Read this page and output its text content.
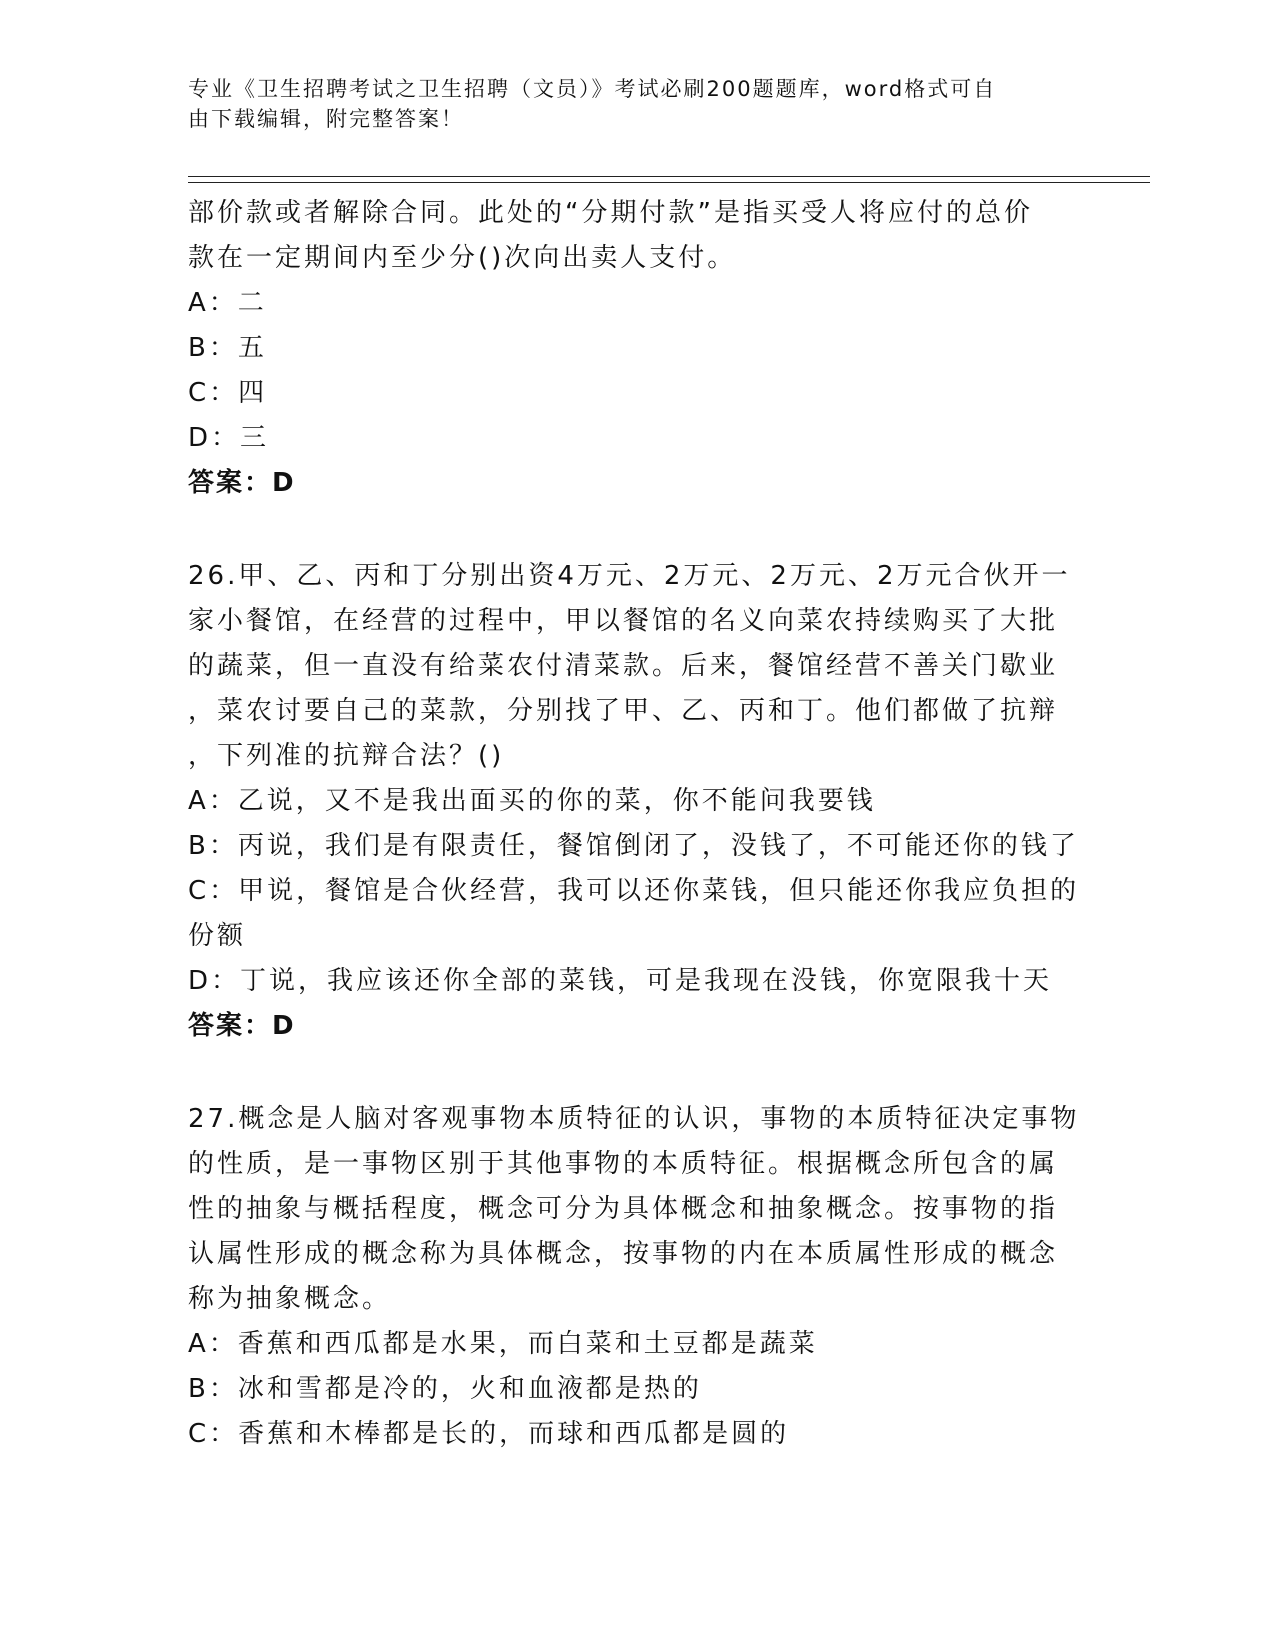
专业《卫生招聘考试之卫生招聘（文员）》考试必刷200题题库，word格式可自
由下载编辑，附完整答案！
部价款或者解除合同。此处的“分期付款”是指买受人将应付的总价
款在一定期间内至少分()次向出卖人支付。
A：二
B：五
C：四
D：三
答案：D
26.甲、乙、丙和丁分别出资4万元、2万元、2万元、2万元合伙开一
家小餐馆，在经营的过程中，甲以餐馆的名义向菜农持续购买了大批
的蔬菜，但一直没有给菜农付清菜款。后来，餐馆经营不善关门歇业
，菜农讨要自己的菜款，分别找了甲、乙、丙和丁。他们都做了抗辩
，下列准的抗辩合法？()
A：乙说，又不是我出面买的你的菜，你不能问我要钱
B：丙说，我们是有限责任，餐馆倒闭了，没钱了，不可能还你的钱了
C：甲说，餐馆是合伙经营，我可以还你菜钱，但只能还你我应负担的
份额
D：丁说，我应该还你全部的菜钱，可是我现在没钱，你宽限我十天
答案：D
27.概念是人脑对客观事物本质特征的认识，事物的本质特征决定事物
的性质，是一事物区别于其他事物的本质特征。根据概念所包含的属
性的抽象与概括程度，概念可分为具体概念和抽象概念。按事物的指
认属性形成的概念称为具体概念，按事物的内在本质属性形成的概念
称为抽象概念。
A：香蕉和西瓜都是水果，而白菜和土豆都是蔬菜
B：冰和雪都是冷的，火和血液都是热的
C：香蕉和木棒都是长的，而球和西瓜都是圆的
